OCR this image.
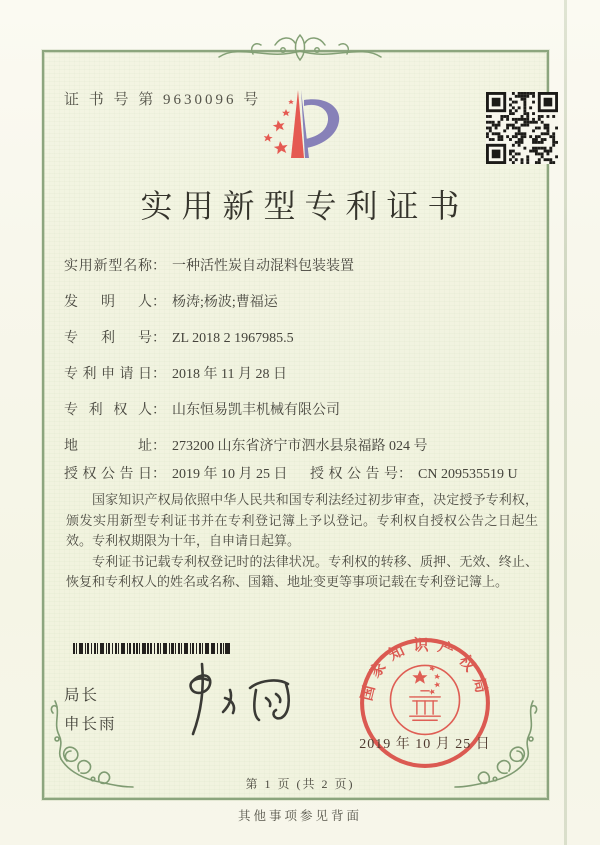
证 书 号 第 9630096 号
实用新型专利证书
实用新型名称： 一种活性炭自动混料包装装置
发明人： 杨涛;杨波;曹福运
专利号： ZL 2018 2 1967985.5
专利申请日： 2018 年 11 月 28 日
专利权人： 山东恒易凯丰机械有限公司
地址： 273200 山东省济宁市泗水县泉福路 024 号
授权公告日： 2019 年 10 月 25 日 授权公告号： CN 209535519 U

国家知识产权局依照中华人民共和国专利法经过初步审查，决定授予专利权，颁发实用新型专利证书并在专利登记簿上予以登记。专利权自授权公告之日起生效。专利权期限为十年，自申请日起算。

专利证书记载专利权登记时的法律状况。专利权的转移、质押、无效、终止、恢复和专利权人的姓名或名称、国籍、地址变更等事项记载在专利登记簿上。

局长
申长雨
国家知识产权局
2019 年 10 月 25 日
第 1 页 (共 2 页)
其他事项参见背面
